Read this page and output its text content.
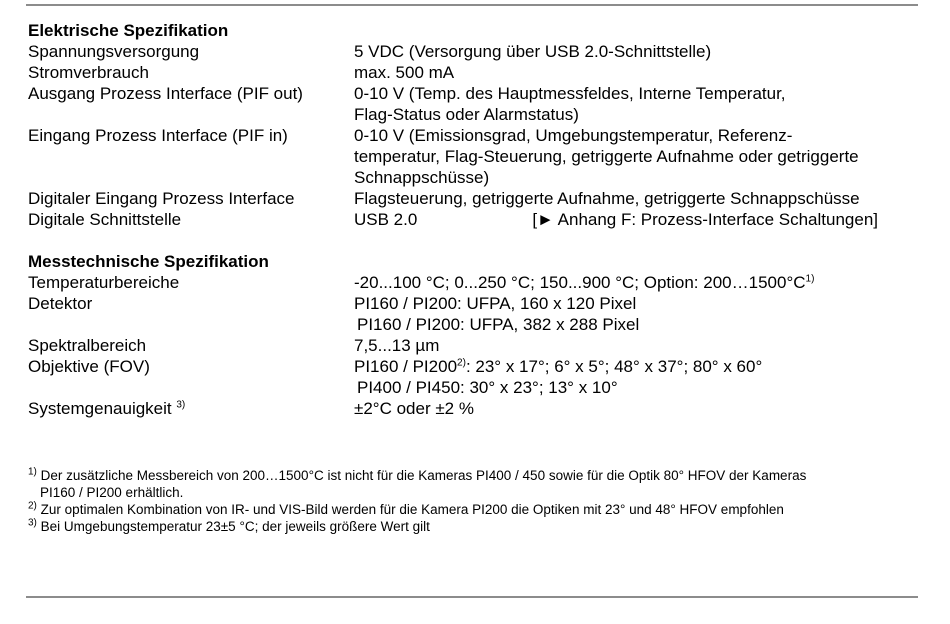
Elektrische Spezifikation
Spannungsversorgung	5 VDC (Versorgung über USB 2.0-Schnittstelle)
Stromverbrauch	max. 500 mA
Ausgang Prozess Interface (PIF out)	0-10 V (Temp. des Hauptmessfeldes, Interne Temperatur,
Flag-Status oder Alarmstatus)
Eingang Prozess Interface (PIF in)	0-10 V (Emissionsgrad, Umgebungstemperatur, Referenz-
temperatur, Flag-Steuerung, getriggerte Aufnahme oder getriggerte
Schnappschüsse)
Digitaler Eingang Prozess Interface	Flagsteuerung, getriggerte Aufnahme, getriggerte Schnappschüsse
Digitale Schnittstelle	USB 2.0	[► Anhang F: Prozess-Interface Schaltungen]
Messtechnische Spezifikation
Temperaturbereiche	-20...100 °C; 0...250 °C; 150...900 °C; Option: $200\dots 1500^\circ C^{1)}$
Detektor	PI160 / PI200: UFPA, 160 x 120 Pixel
PI160 / PI200: UFPA, 382 x 288 Pixel
Spektralbereich	7,5...13 µm
Objektive (FOV)	PI160 / PI200$^{2)}$: 23° x 17°; 6° x 5°; 48° x 37°; 80° x 60°
PI400 / PI450: 30° x 23°; 13° x 10°
Systemgenauigkeit $^{3)}$	±2°C oder ±2 %
$^{1)}$ Der zusätzliche Messbereich von 200…1500°C ist nicht für die Kameras PI400 / 450 sowie für die Optik 80° HFOV der Kameras
PI160 / PI200 erhältlich.
$^{2)}$ Zur optimalen Kombination von IR- und VIS-Bild werden für die Kamera PI200 die Optiken mit 23° und 48° HFOV empfohlen
$^{3)}$ Bei Umgebungstemperatur 23±5 °C; der jeweils größere Wert gilt
